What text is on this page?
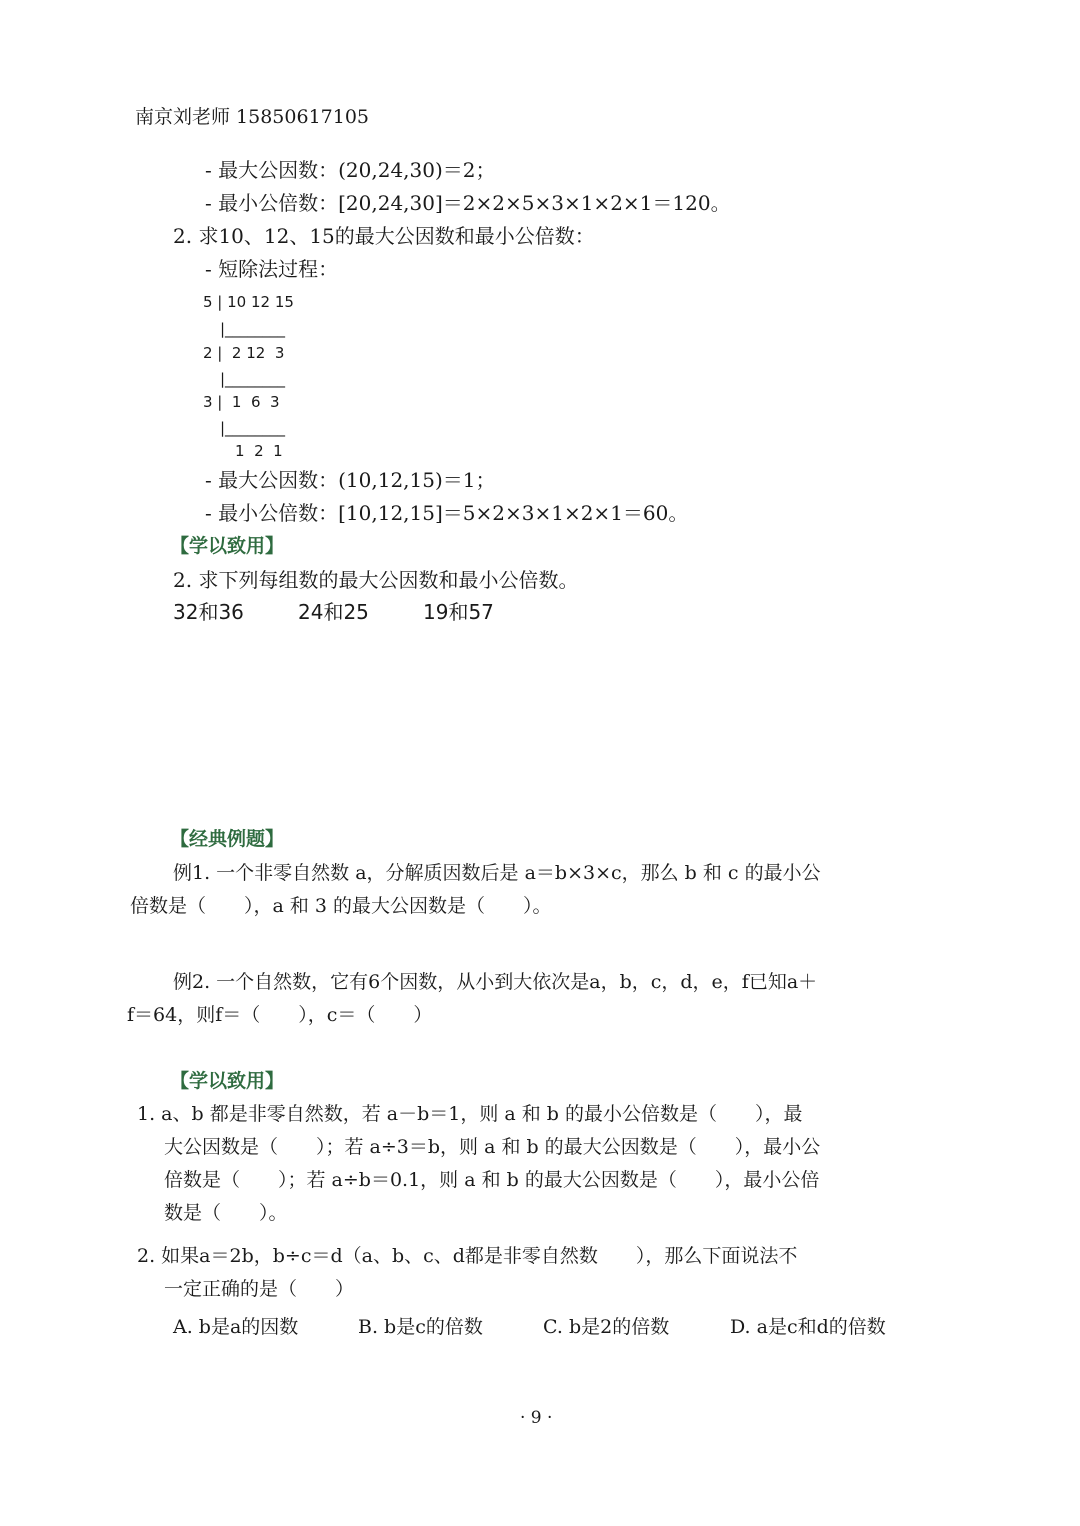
南京刘老师 15850617105
- 最大公因数：(20,24,30)＝2；
- 最小公倍数：[20,24,30]＝2×2×5×3×1×2×1＝120。
2. 求10、12、15的最大公因数和最小公倍数：
- 短除法过程：
5 | 10 12 15
|________
2 |  2 12  3
|________
3 |  1  6  3
|________
1  2  1
- 最大公因数：(10,12,15)＝1；
- 最小公倍数：[10,12,15]＝5×2×3×1×2×1＝60。
【学以致用】
2. 求下列每组数的最大公因数和最小公倍数。
32和36	24和25	19和57
【经典例题】
例1. 一个非零自然数 a，分解质因数后是 a＝b×3×c，那么 b 和 c 的最小公
倍数是（　　），a 和 3 的最大公因数是（　　）。
例2. 一个自然数，它有6个因数，从小到大依次是a，b，c，d，e，f已知a＋
f＝64，则f＝（　　），c＝（　　）
【学以致用】
1. a、b 都是非零自然数，若 a－b＝1，则 a 和 b 的最小公倍数是（　　），最
大公因数是（　　）；若 a÷3＝b，则 a 和 b 的最大公因数是（　　），最小公
倍数是（　　）；若 a÷b＝0.1，则 a 和 b 的最大公因数是（　　），最小公倍
数是（　　）。
2. 如果a＝2b，b÷c＝d（a、b、c、d都是非零自然数　　），那么下面说法不
一定正确的是（　　）
A. b是a的因数	B. b是c的倍数	C. b是2的倍数	D. a是c和d的倍数
· 9 ·
